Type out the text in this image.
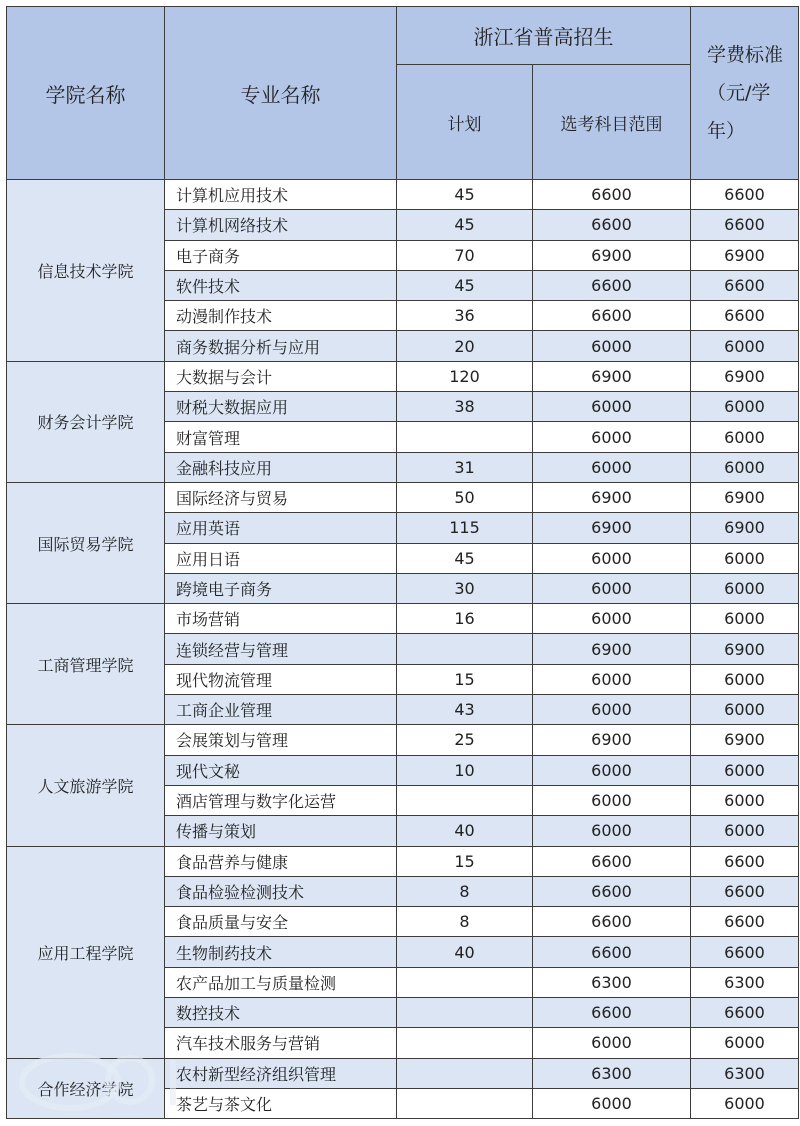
学院名称	专业名称	浙江省普高招生		学费标准（元/学年）
		计划	选考科目范围	
信息技术学院	计算机应用技术	45	6600	6600
	计算机网络技术	45	6600	6600
	电子商务	70	6900	6900
	软件技术	45	6600	6600
	动漫制作技术	36	6600	6600
	商务数据分析与应用	20	6000	6000
财务会计学院	大数据与会计	120	6900	6900
	财税大数据应用	38	6000	6000
	财富管理		6000	6000
	金融科技应用	31	6000	6000
国际贸易学院	国际经济与贸易	50	6900	6900
	应用英语	115	6900	6900
	应用日语	45	6000	6000
	跨境电子商务	30	6000	6000
工商管理学院	市场营销	16	6000	6000
	连锁经营与管理		6900	6900
	现代物流管理	15	6000	6000
	工商企业管理	43	6000	6000
人文旅游学院	会展策划与管理	25	6900	6900
	现代文秘	10	6000	6000
	酒店管理与数字化运营		6000	6000
	传播与策划	40	6000	6000
应用工程学院	食品营养与健康	15	6600	6600
	食品检验检测技术	8	6600	6600
	食品质量与安全	8	6600	6600
	生物制药技术	40	6600	6600
	农产品加工与质量检测		6300	6300
	数控技术		6600	6600
	汽车技术服务与营销		6000	6000
合作经济学院	农村新型经济组织管理		6300	6300
	茶艺与茶文化		6000	6000
